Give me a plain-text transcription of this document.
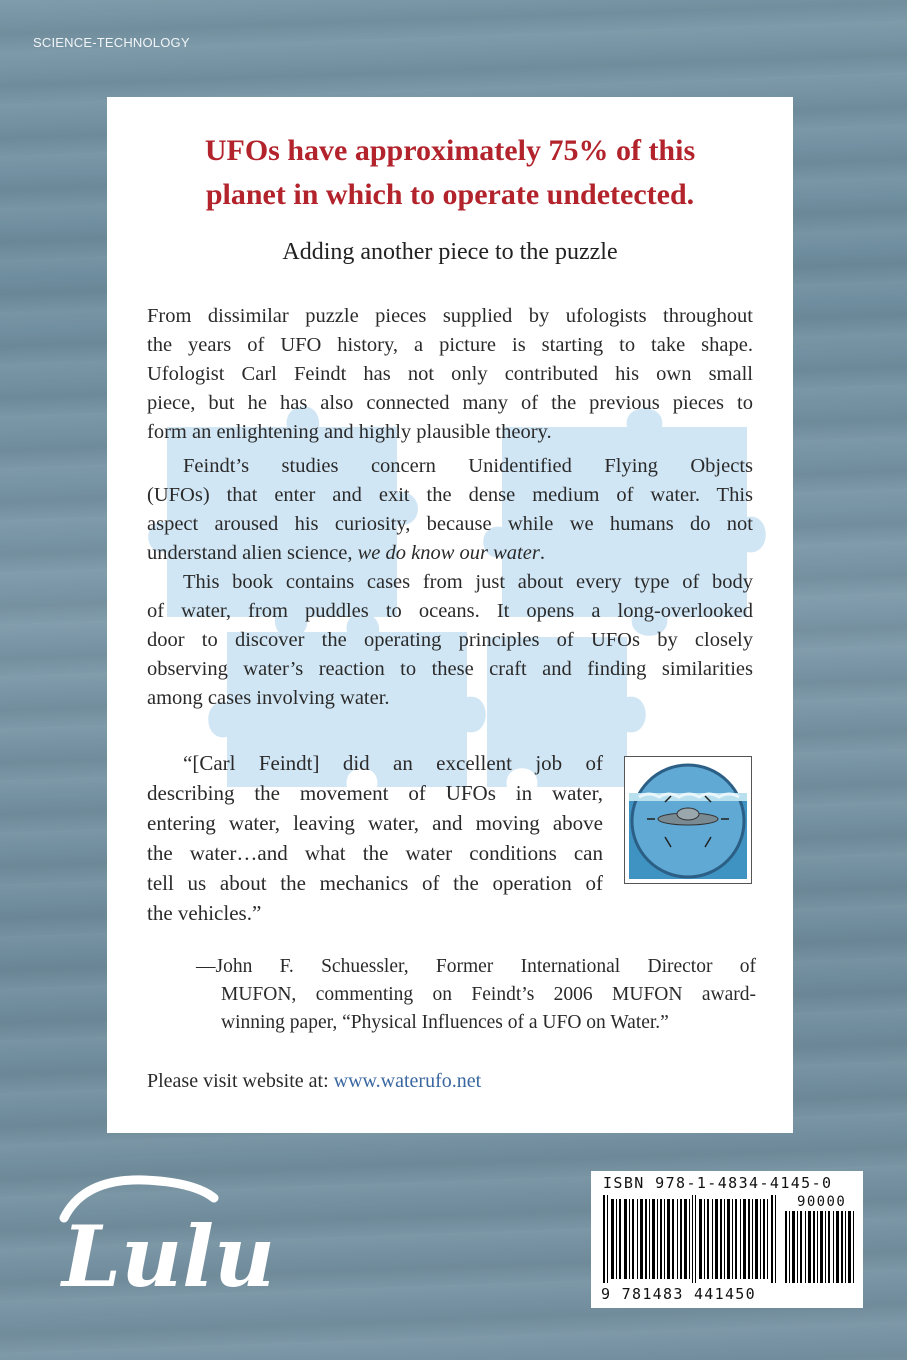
SCIENCE-TECHNOLOGY
UFOs have approximately 75% of this
planet in which to operate undetected.
Adding another piece to the puzzle
From dissimilar puzzle pieces supplied by ufologists throughout
the years of UFO history, a picture is starting to take shape.
Ufologist Carl Feindt has not only contributed his own small
piece, but he has also connected many of the previous pieces to
form an enlightening and highly plausible theory.
Feindt’s studies concern Unidentified Flying Objects
(UFOs) that enter and exit the dense medium of water. This
aspect aroused his curiosity, because while we humans do not
understand alien science, we do know our water.
This book contains cases from just about every type of body
of water, from puddles to oceans. It opens a long-overlooked
door to discover the operating principles of UFOs by closely
observing water’s reaction to these craft and finding similarities
among cases involving water.
“[Carl Feindt] did an excellent job of
describing the movement of UFOs in water,
entering water, leaving water, and moving above
the water…and what the water conditions can
tell us about the mechanics of the operation of
the vehicles.”
—John F. Schuessler, Former International Director of
MUFON, commenting on Feindt’s 2006 MUFON award-
winning paper, “Physical Influences of a UFO on Water.”
Please visit website at: www.waterufo.net
Lulu
ISBN 978-1-4834-4145-0
90000
9 781483 441450
